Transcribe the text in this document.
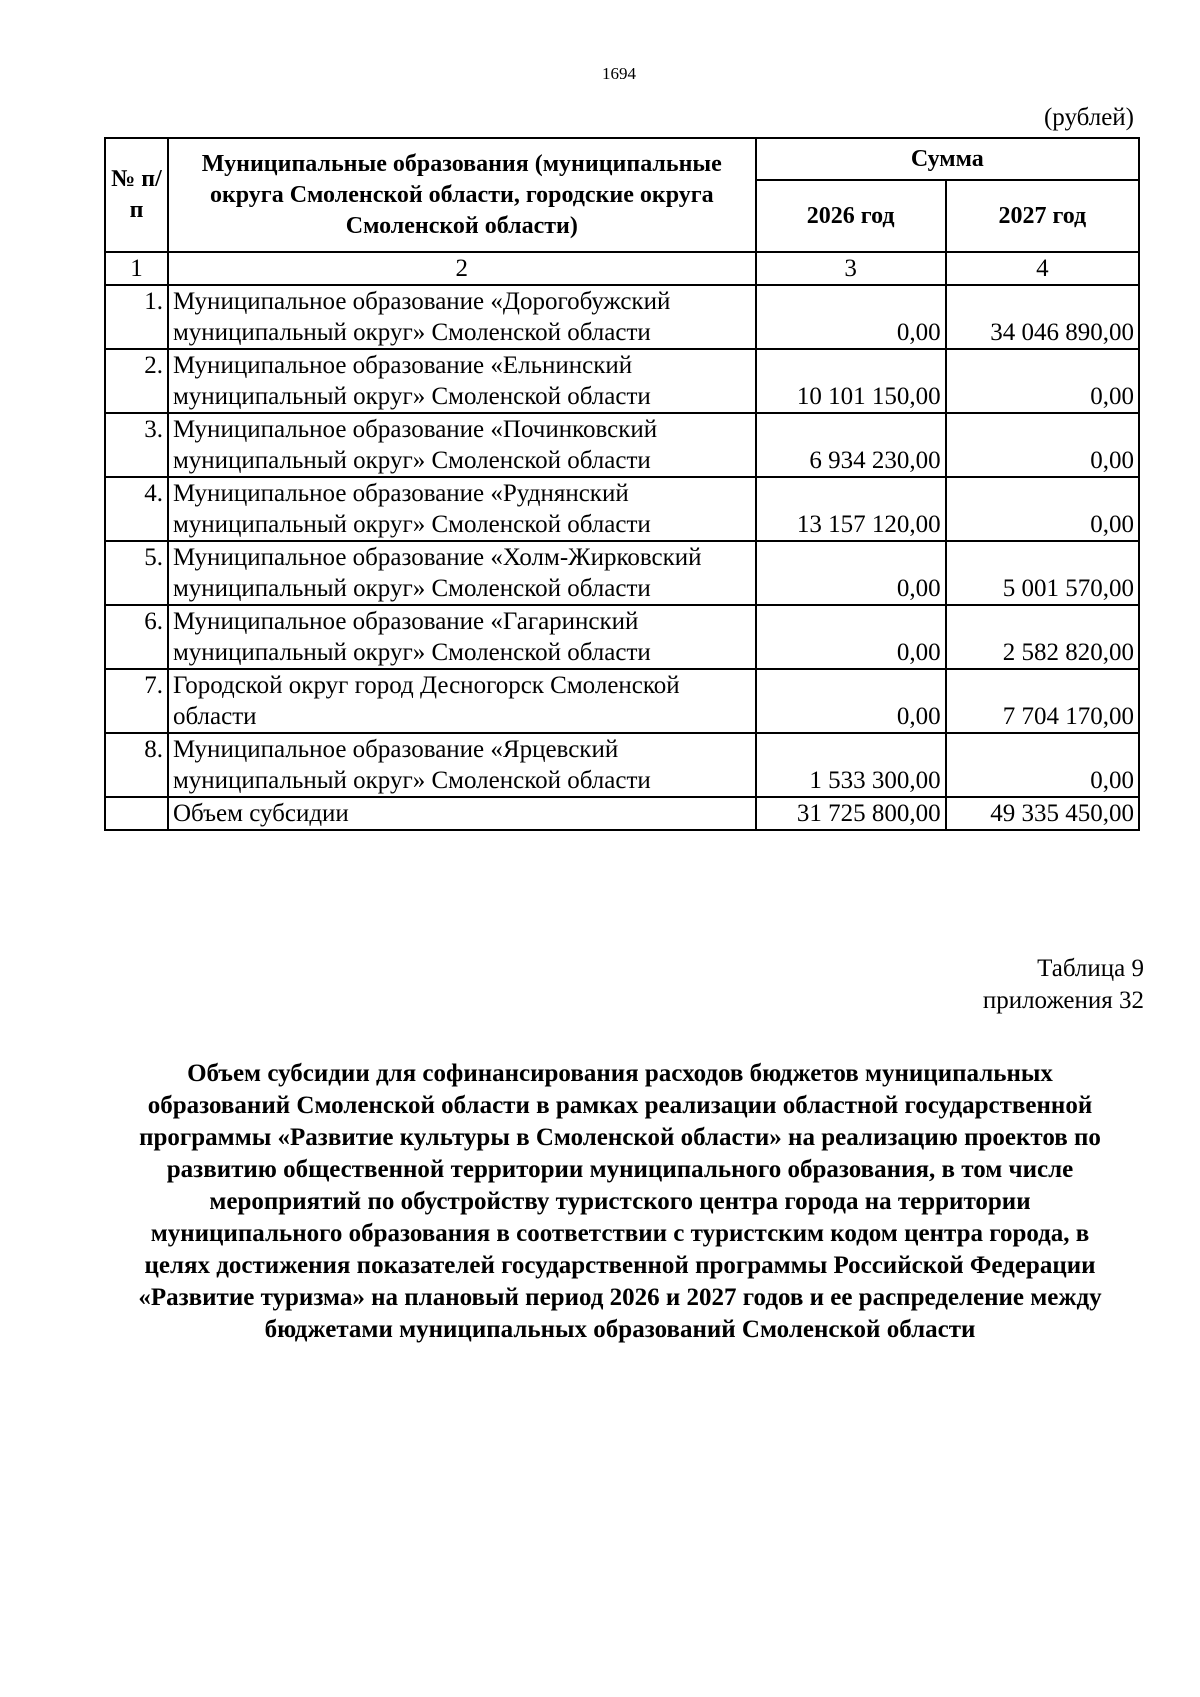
1694
(рублей)
№ п/п	Муниципальные образования (муниципальные округа Смоленской области, городские округа Смоленской области)	Сумма	
		2026 год	2027 год
1	2	3	4
1.	Муниципальное образование «Дорогобужский муниципальный округ» Смоленской области	0,00	34 046 890,00
2.	Муниципальное образование «Ельнинский муниципальный округ» Смоленской области	10 101 150,00	0,00
3.	Муниципальное образование «Починковский муниципальный округ» Смоленской области	6 934 230,00	0,00
4.	Муниципальное образование «Руднянский муниципальный округ» Смоленской области	13 157 120,00	0,00
5.	Муниципальное образование «Холм-Жирковский муниципальный округ» Смоленской области	0,00	5 001 570,00
6.	Муниципальное образование «Гагаринский муниципальный округ» Смоленской области	0,00	2 582 820,00
7.	Городской округ город Десногорск Смоленской области	0,00	7 704 170,00
8.	Муниципальное образование «Ярцевский муниципальный округ» Смоленской области	1 533 300,00	0,00
	Объем субсидии	31 725 800,00	49 335 450,00
Таблица 9
приложения 32
Объем субсидии для софинансирования расходов бюджетов муниципальных образований Смоленской области в рамках реализации областной государственной программы «Развитие культуры в Смоленской области» на реализацию проектов по развитию общественной территории муниципального образования, в том числе мероприятий по обустройству туристского центра города на территории муниципального образования в соответствии с туристским кодом центра города, в целях достижения показателей государственной программы Российской Федерации «Развитие туризма» на плановый период 2026 и 2027 годов и ее распределение между бюджетами муниципальных образований Смоленской области
